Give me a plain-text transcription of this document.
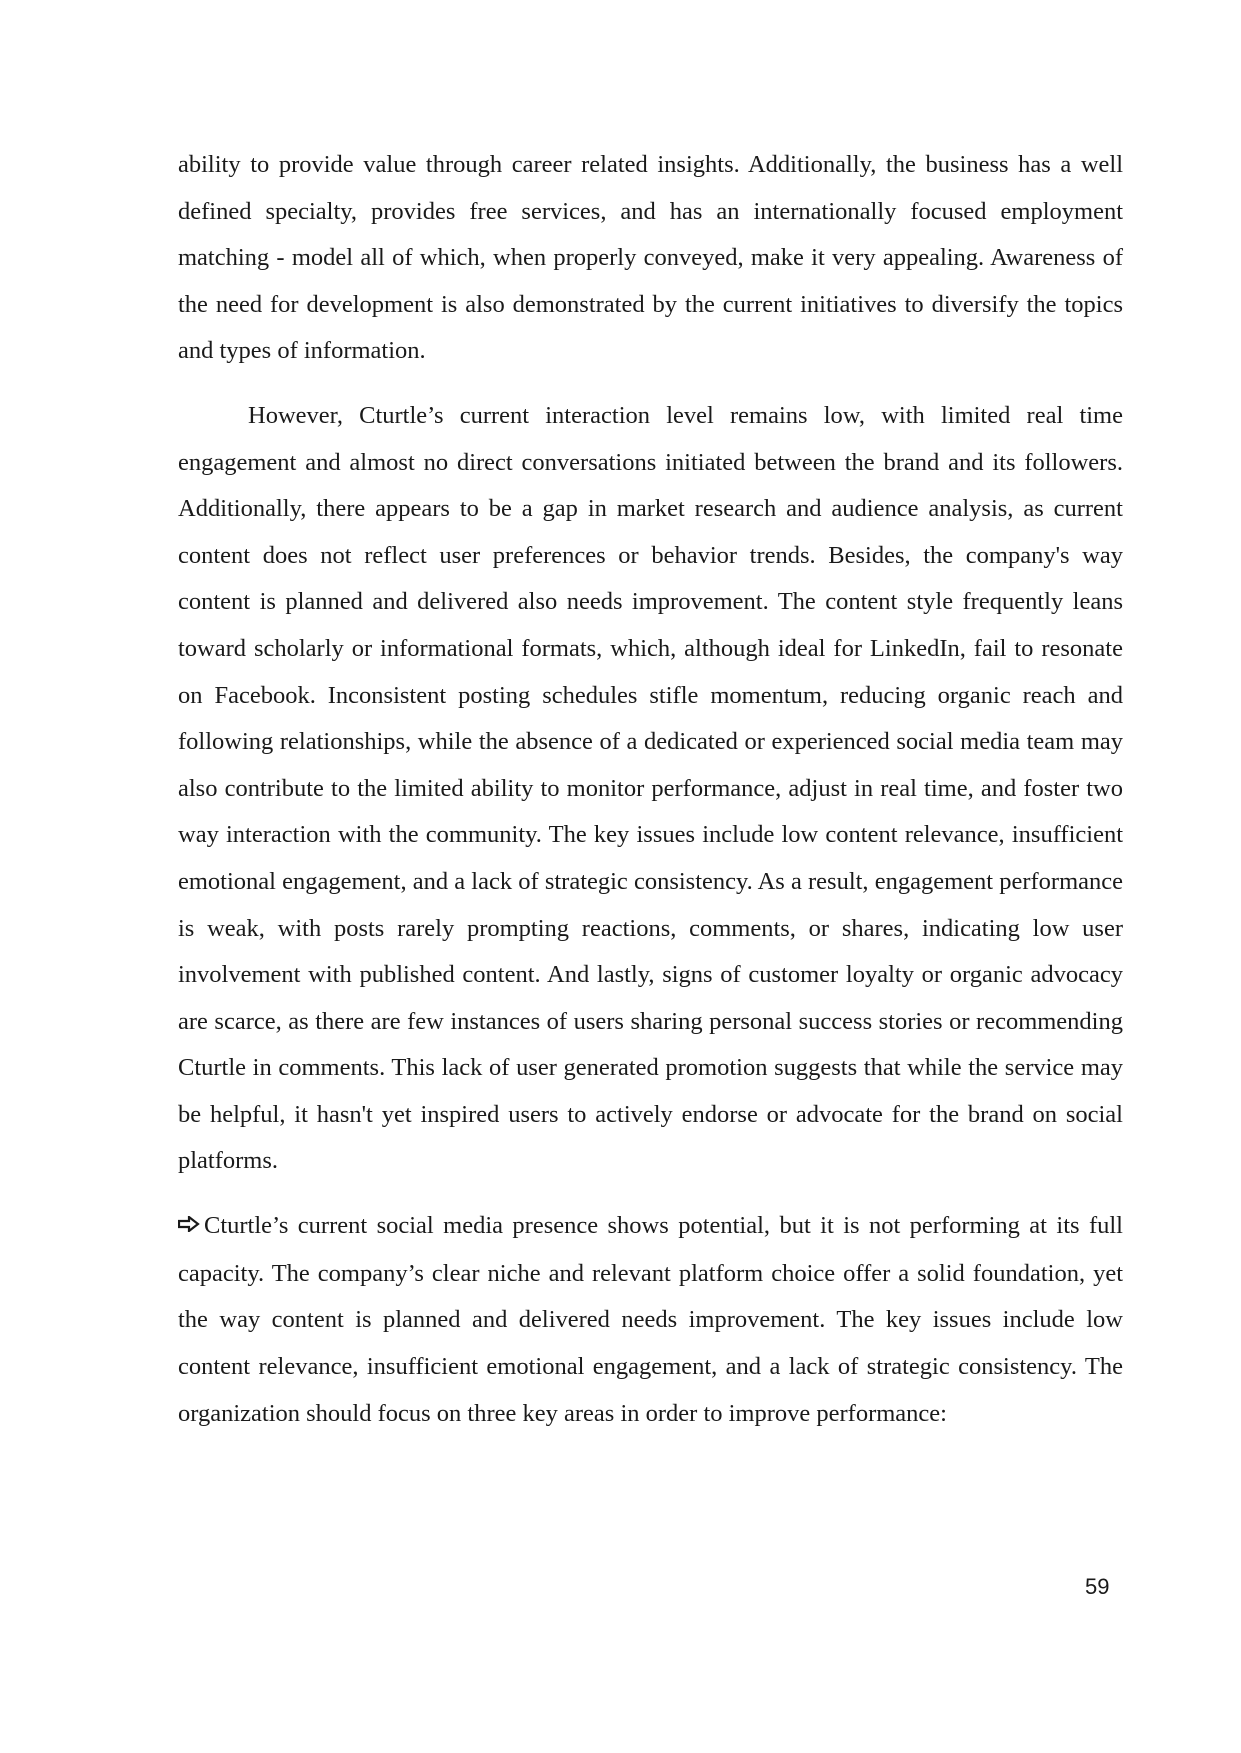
ability to provide value through career related insights. Additionally, the business has a well defined specialty, provides free services, and has an internationally focused employment matching - model all of which, when properly conveyed, make it very appealing. Awareness of the need for development is also demonstrated by the current initiatives to diversify the topics and types of information.

However, Cturtle’s current interaction level remains low, with limited real time engagement and almost no direct conversations initiated between the brand and its followers. Additionally, there appears to be a gap in market research and audience analysis, as current content does not reflect user preferences or behavior trends. Besides, the company's way content is planned and delivered also needs improvement. The content style frequently leans toward scholarly or informational formats, which, although ideal for LinkedIn, fail to resonate on Facebook. Inconsistent posting schedules stifle momentum, reducing organic reach and following relationships, while the absence of a dedicated or experienced social media team may also contribute to the limited ability to monitor performance, adjust in real time, and foster two way interaction with the community. The key issues include low content relevance, insufficient emotional engagement, and a lack of strategic consistency. As a result, engagement performance is weak, with posts rarely prompting reactions, comments, or shares, indicating low user involvement with published content. And lastly, signs of customer loyalty or organic advocacy are scarce, as there are few instances of users sharing personal success stories or recommending Cturtle in comments. This lack of user generated promotion suggests that while the service may be helpful, it hasn't yet inspired users to actively endorse or advocate for the brand on social platforms.

Cturtle’s current social media presence shows potential, but it is not performing at its full capacity. The company’s clear niche and relevant platform choice offer a solid foundation, yet the way content is planned and delivered needs improvement. The key issues include low content relevance, insufficient emotional engagement, and a lack of strategic consistency. The organization should focus on three key areas in order to improve performance:

59
